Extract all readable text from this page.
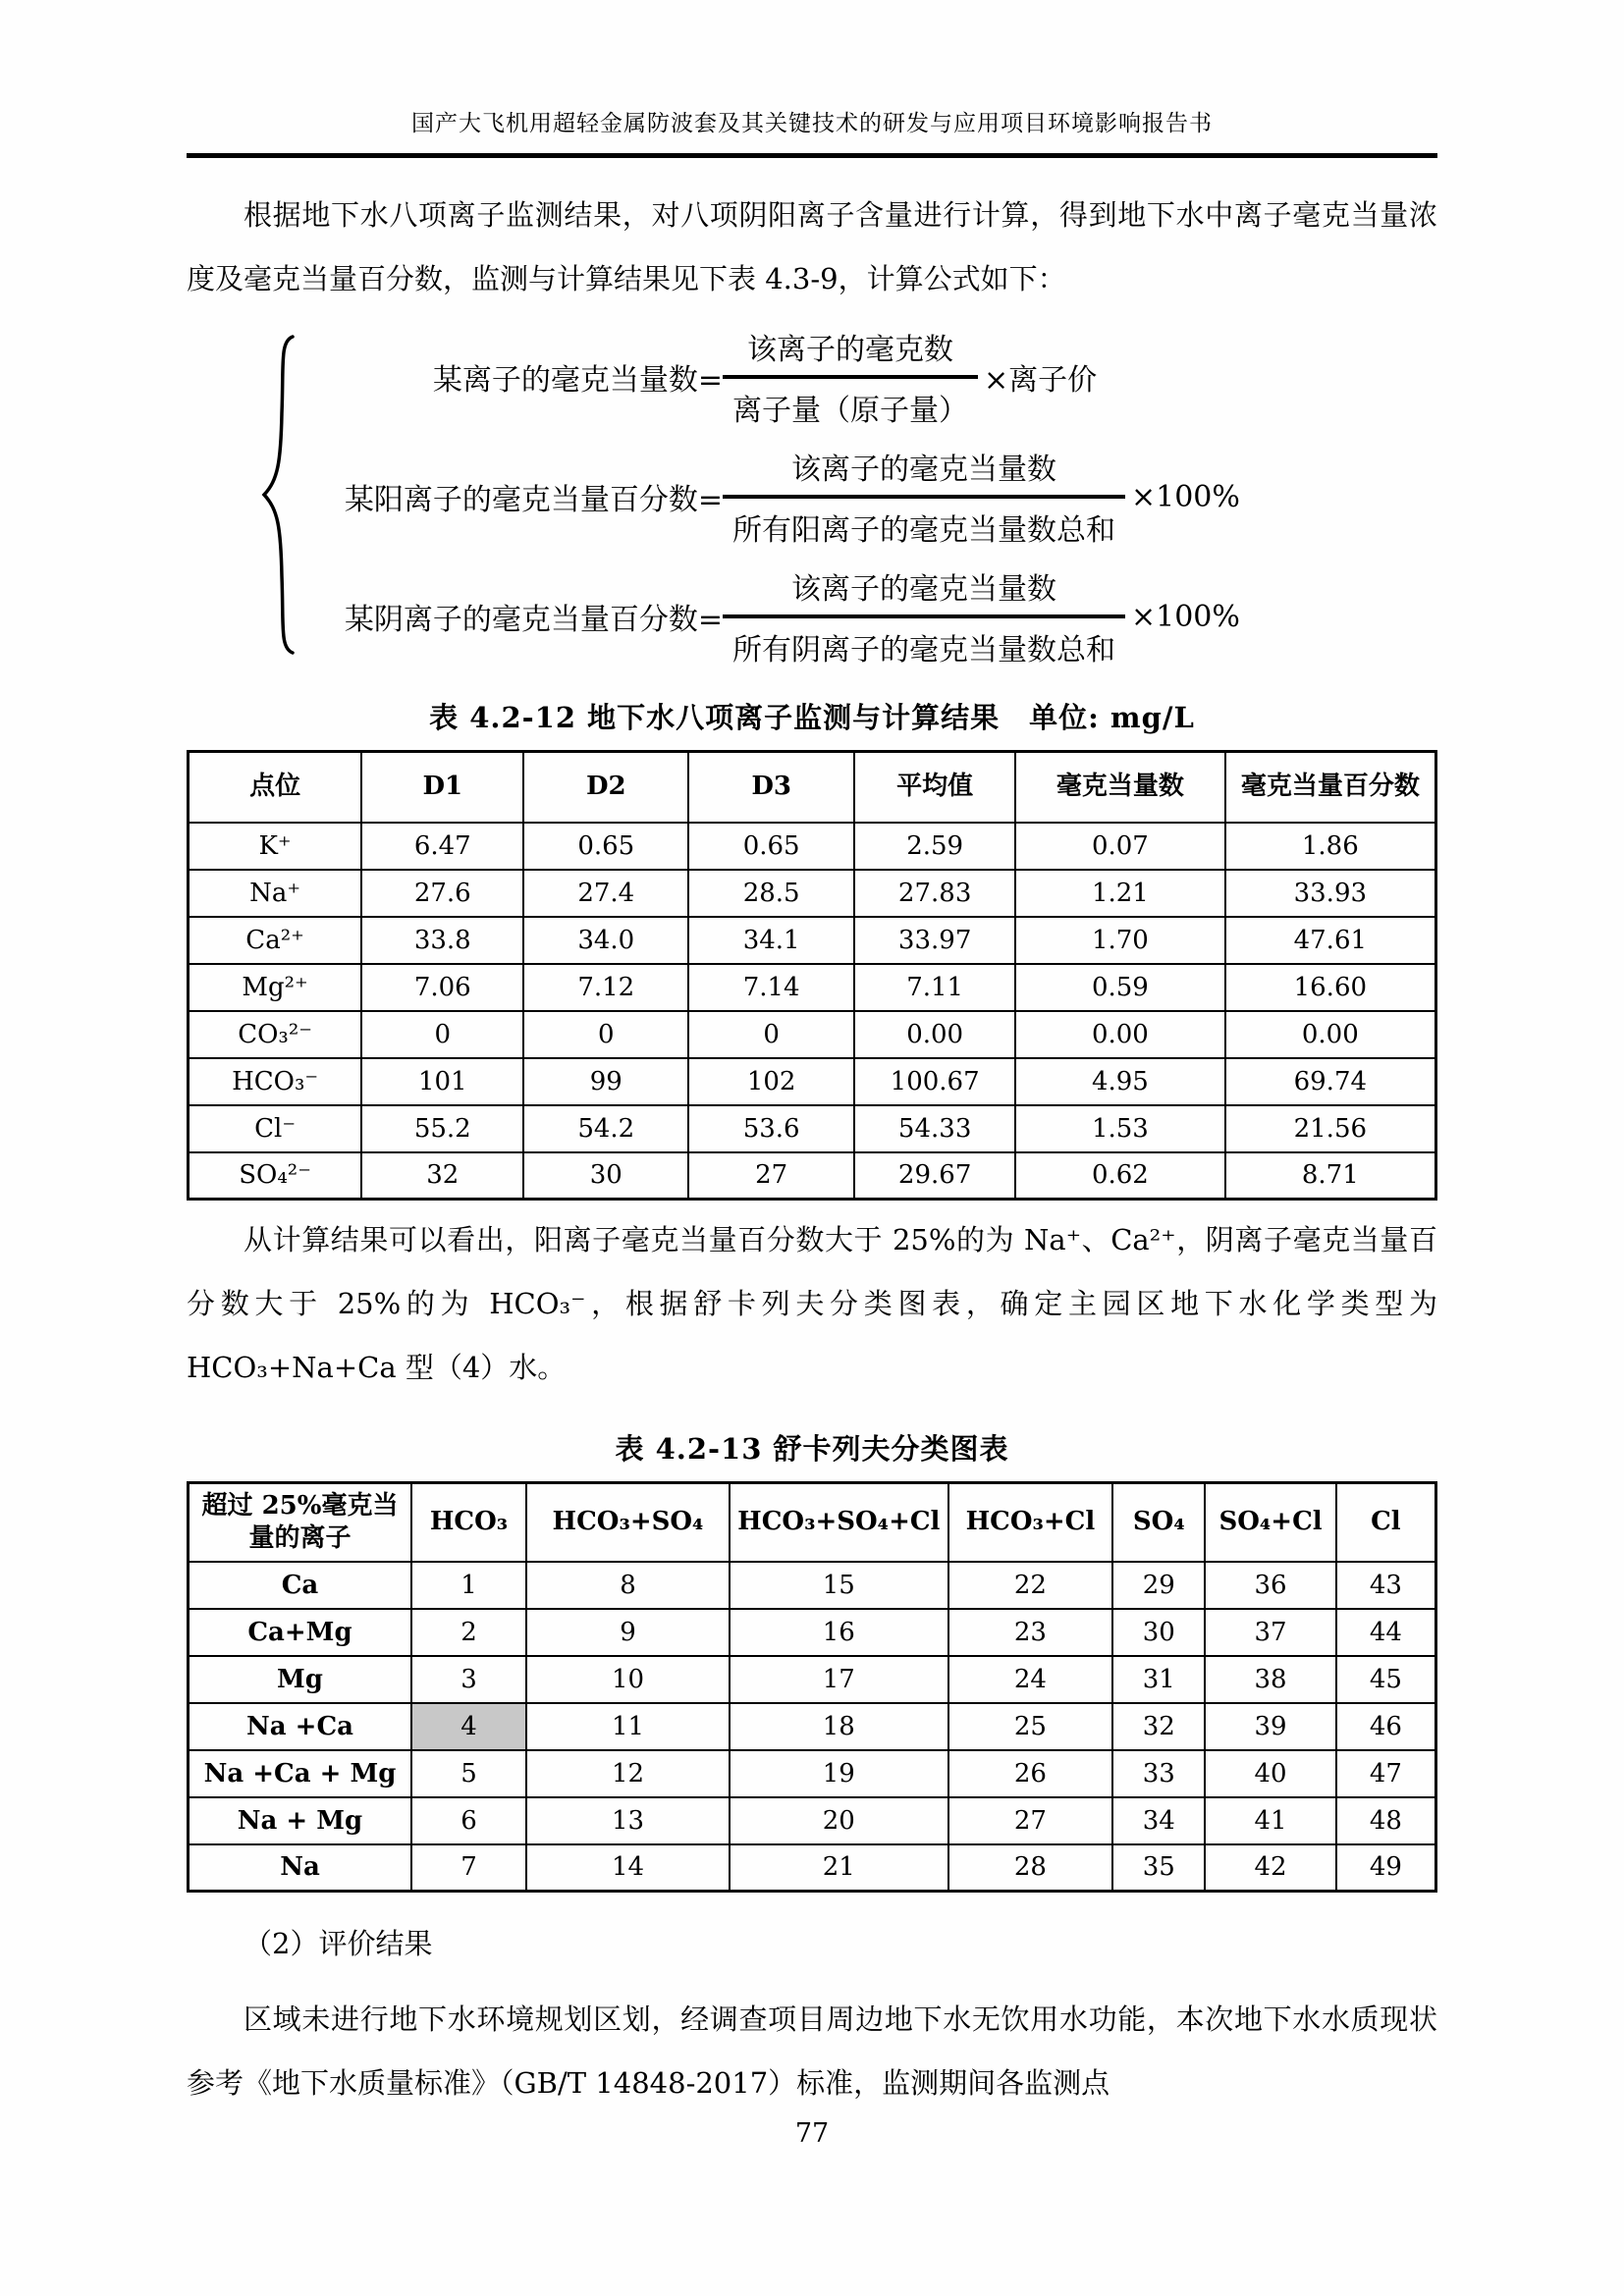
国产大飞机用超轻金属防波套及其关键技术的研发与应用项目环境影响报告书
根据地下水八项离子监测结果，对八项阴阳离子含量进行计算，得到地下水中离子毫克当量浓度及毫克当量百分数，监测与计算结果见下表 4.3-9，计算公式如下：
某离子的毫克当量数= $\frac{\text{该离子的毫克数}}{\text{离子量（原子量）}}$ ×离子价
某阳离子的毫克当量百分数= $\frac{\text{该离子的毫克当量数}}{\text{所有阳离子的毫克当量数总和}} \times 100\%$
某阴离子的毫克当量百分数= $\frac{\text{该离子的毫克当量数}}{\text{所有阴离子的毫克当量数总和}} \times 100\%$
表 4.2-12 地下水八项离子监测与计算结果　单位: mg/L
点位	D1	D2	D3	平均值	毫克当量数	毫克当量百分数
K⁺	6.47	0.65	0.65	2.59	0.07	1.86
Na⁺	27.6	27.4	28.5	27.83	1.21	33.93
Ca²⁺	33.8	34.0	34.1	33.97	1.70	47.61
Mg²⁺	7.06	7.12	7.14	7.11	0.59	16.60
CO₃²⁻	0	0	0	0.00	0.00	0.00
HCO₃⁻	101	99	102	100.67	4.95	69.74
Cl⁻	55.2	54.2	53.6	54.33	1.53	21.56
SO₄²⁻	32	30	27	29.67	0.62	8.71
从计算结果可以看出，阳离子毫克当量百分数大于 25%的为 Na⁺、Ca²⁺，阴离子毫克当量百分数大于 25%的为 HCO₃⁻，根据舒卡列夫分类图表，确定主园区地下水化学类型为 HCO₃+Na+Ca 型（4）水。
表 4.2-13 舒卡列夫分类图表
超过 25%毫克当量的离子	HCO₃	HCO₃+SO₄	HCO₃+SO₄+Cl	HCO₃+Cl	SO₄	SO₄+Cl	Cl
Ca	1	8	15	22	29	36	43
Ca+Mg	2	9	16	23	30	37	44
Mg	3	10	17	24	31	38	45
Na +Ca	4	11	18	25	32	39	46
Na +Ca + Mg	5	12	19	26	33	40	47
Na + Mg	6	13	20	27	34	41	48
Na	7	14	21	28	35	42	49
（2）评价结果
区域未进行地下水环境规划区划，经调查项目周边地下水无饮用水功能，本次地下水水质现状参考《地下水质量标准》（GB/T 14848-2017）标准，监测期间各监测点
77
